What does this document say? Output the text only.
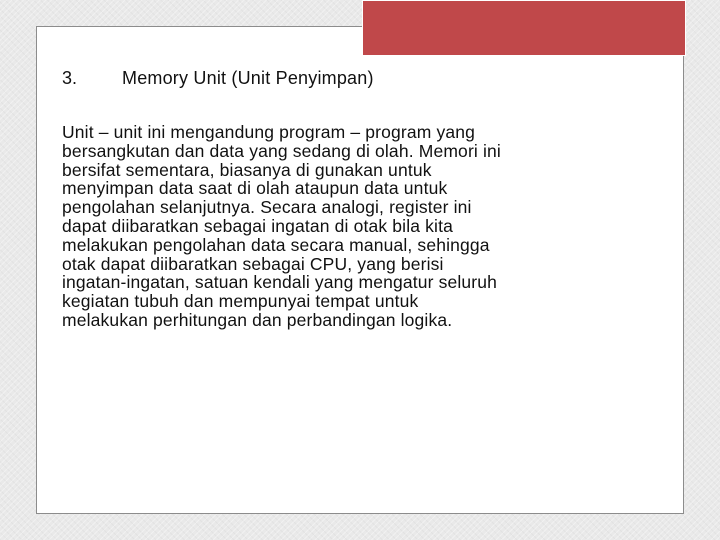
3. Memory Unit (Unit Penyimpan)

Unit – unit ini mengandung program – program yang
bersangkutan dan data yang sedang di olah. Memori ini
bersifat sementara, biasanya di gunakan untuk
menyimpan data saat di olah ataupun data untuk
pengolahan selanjutnya. Secara analogi, register ini
dapat diibaratkan sebagai ingatan di otak bila kita
melakukan pengolahan data secara manual, sehingga
otak dapat diibaratkan sebagai CPU, yang berisi
ingatan-ingatan, satuan kendali yang mengatur seluruh
kegiatan tubuh dan mempunyai tempat untuk
melakukan perhitungan dan perbandingan logika.
